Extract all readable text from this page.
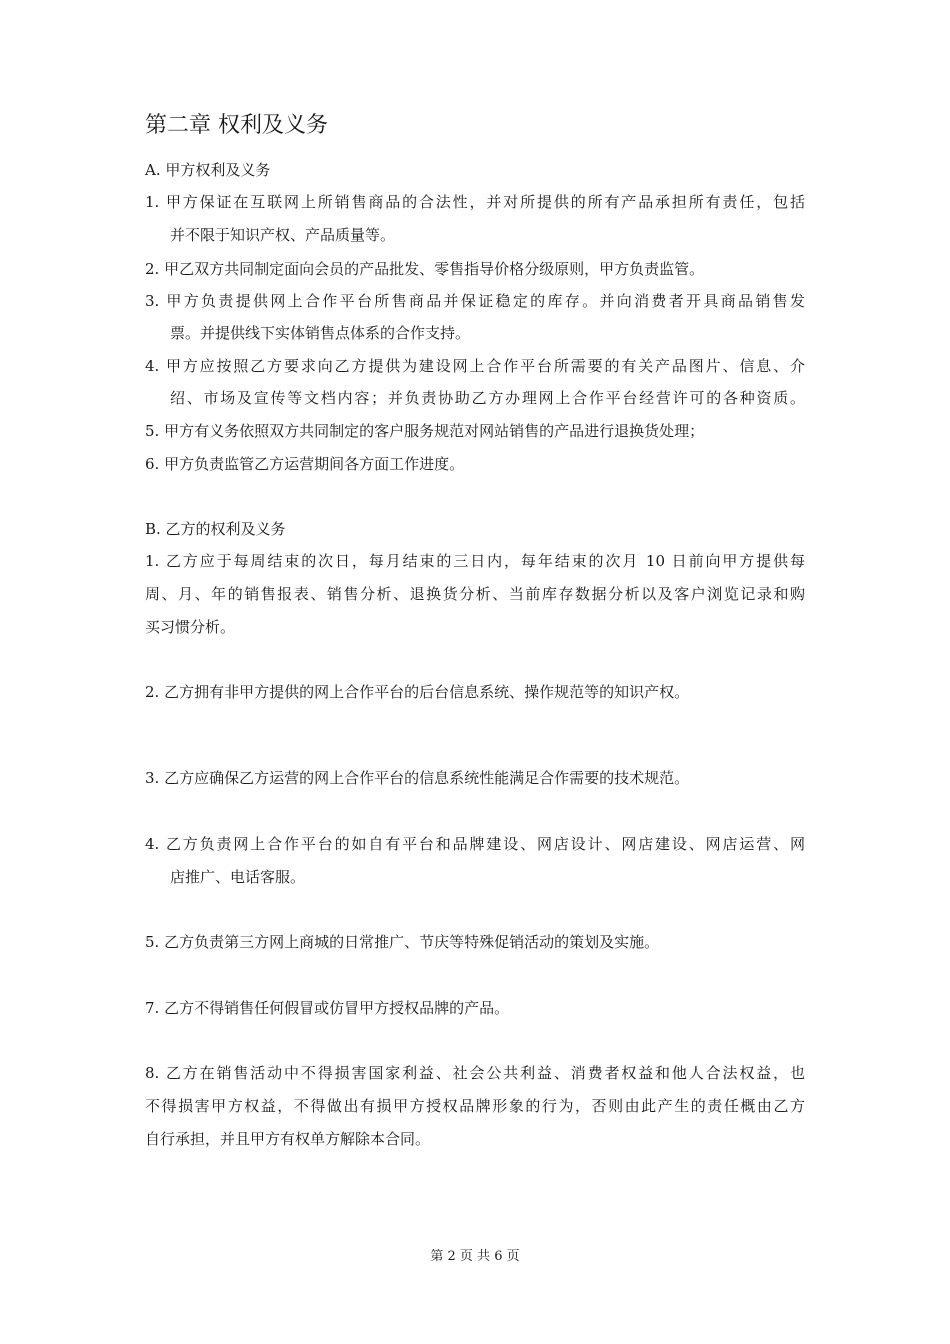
第二章 权利及义务
A. 甲方权利及义务
1. 甲方保证在互联网上所销售商品的合法性，并对所提供的所有产品承担所有责任，包括
并不限于知识产权、产品质量等。
2. 甲乙双方共同制定面向会员的产品批发、零售指导价格分级原则，甲方负责监管。
3. 甲方负责提供网上合作平台所售商品并保证稳定的库存。并向消费者开具商品销售发
票。并提供线下实体销售点体系的合作支持。
4. 甲方应按照乙方要求向乙方提供为建设网上合作平台所需要的有关产品图片、信息、介
绍、市场及宣传等文档内容；并负责协助乙方办理网上合作平台经营许可的各种资质。
5. 甲方有义务依照双方共同制定的客户服务规范对网站销售的产品进行退换货处理；
6. 甲方负责监管乙方运营期间各方面工作进度。
B. 乙方的权利及义务
1. 乙方应于每周结束的次日，每月结束的三日内，每年结束的次月 10 日前向甲方提供每
周、月、年的销售报表、销售分析、退换货分析、当前库存数据分析以及客户浏览记录和购
买习惯分析。
2. 乙方拥有非甲方提供的网上合作平台的后台信息系统、操作规范等的知识产权。
3. 乙方应确保乙方运营的网上合作平台的信息系统性能满足合作需要的技术规范。
4. 乙方负责网上合作平台的如自有平台和品牌建设、网店设计、网店建设、网店运营、网
店推广、电话客服。
5. 乙方负责第三方网上商城的日常推广、节庆等特殊促销活动的策划及实施。
7. 乙方不得销售任何假冒或仿冒甲方授权品牌的产品。
8. 乙方在销售活动中不得损害国家利益、社会公共利益、消费者权益和他人合法权益，也
不得损害甲方权益，不得做出有损甲方授权品牌形象的行为，否则由此产生的责任概由乙方
自行承担，并且甲方有权单方解除本合同。
第 2 页 共 6 页
